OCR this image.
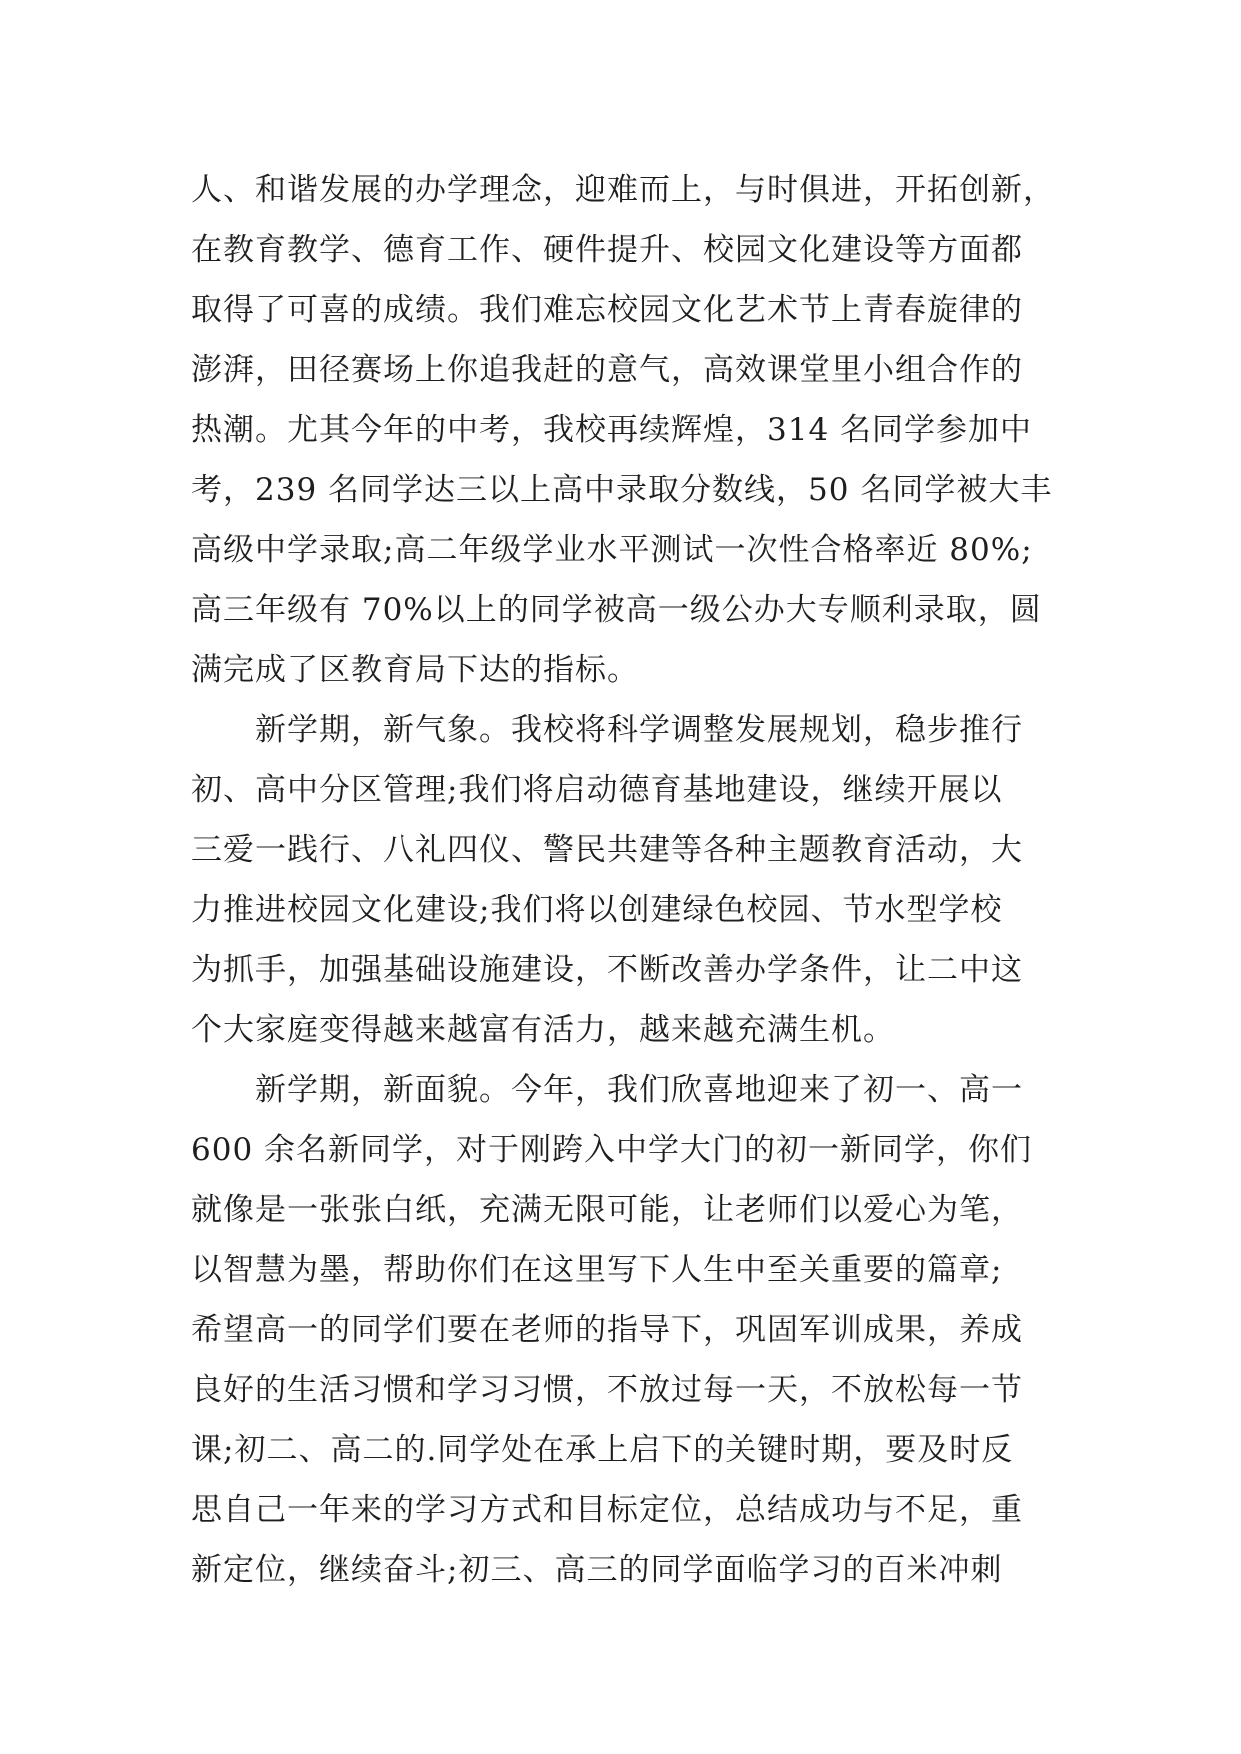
人、和谐发展的办学理念，迎难而上，与时俱进，开拓创新，
在教育教学、德育工作、硬件提升、校园文化建设等方面都
取得了可喜的成绩。我们难忘校园文化艺术节上青春旋律的
澎湃，田径赛场上你追我赶的意气，高效课堂里小组合作的
热潮。尤其今年的中考，我校再续辉煌，314 名同学参加中
考，239 名同学达三以上高中录取分数线，50 名同学被大丰
高级中学录取;高二年级学业水平测试一次性合格率近 80%;
高三年级有 70%以上的同学被高一级公办大专顺利录取，圆
满完成了区教育局下达的指标。
新学期，新气象。我校将科学调整发展规划，稳步推行
初、高中分区管理;我们将启动德育基地建设，继续开展以
三爱一践行、八礼四仪、警民共建等各种主题教育活动，大
力推进校园文化建设;我们将以创建绿色校园、节水型学校
为抓手，加强基础设施建设，不断改善办学条件，让二中这
个大家庭变得越来越富有活力，越来越充满生机。
新学期，新面貌。今年，我们欣喜地迎来了初一、高一
600 余名新同学，对于刚跨入中学大门的初一新同学，你们
就像是一张张白纸，充满无限可能，让老师们以爱心为笔，
以智慧为墨，帮助你们在这里写下人生中至关重要的篇章;
希望高一的同学们要在老师的指导下，巩固军训成果，养成
良好的生活习惯和学习习惯，不放过每一天，不放松每一节
课;初二、高二的.同学处在承上启下的关键时期，要及时反
思自己一年来的学习方式和目标定位，总结成功与不足，重
新定位，继续奋斗;初三、高三的同学面临学习的百米冲刺
